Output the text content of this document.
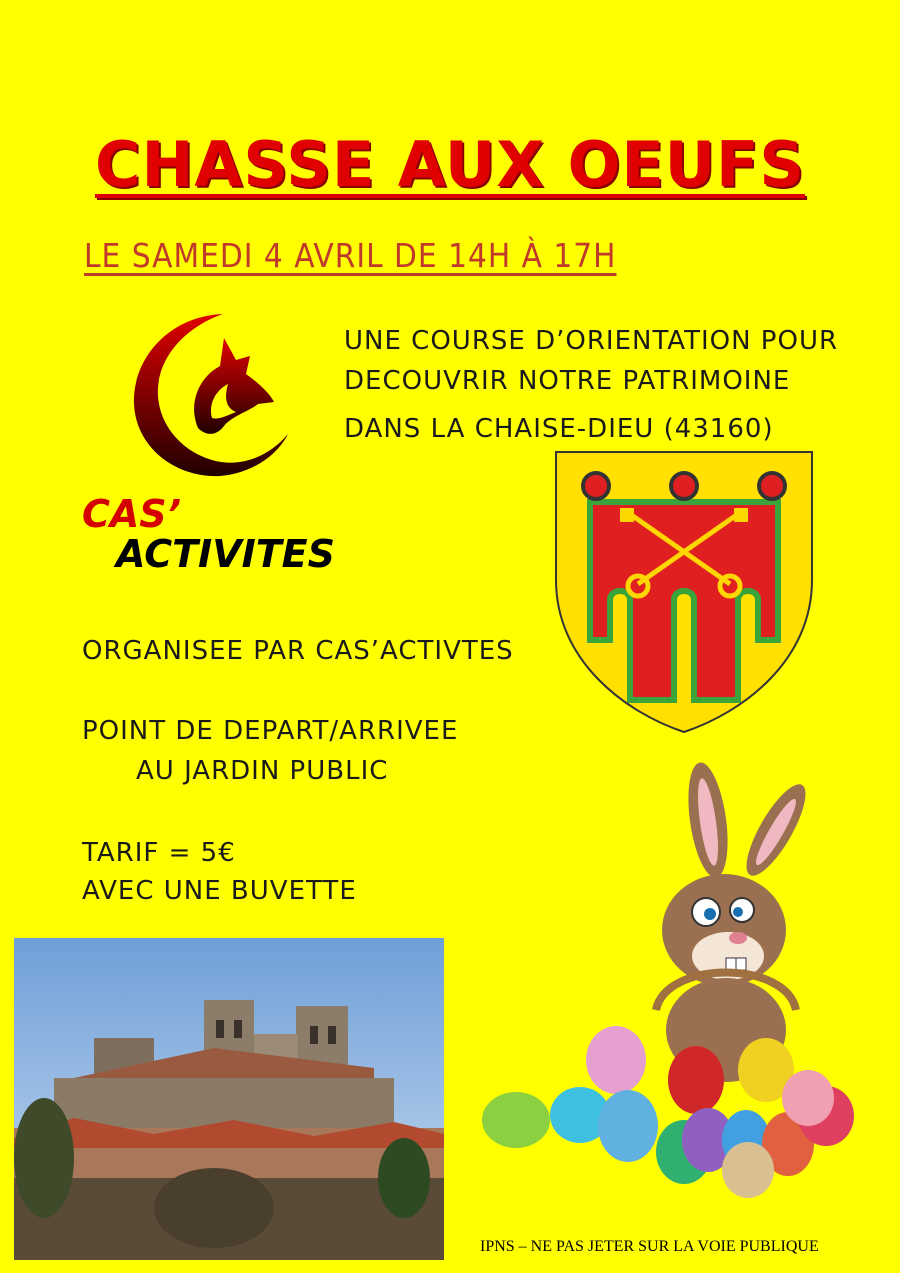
CHASSE AUX OEUFS
LE SAMEDI 4 AVRIL DE 14H À 17H
UNE COURSE D’ORIENTATION POUR
DECOUVRIR NOTRE PATRIMOINE
DANS LA CHAISE-DIEU (43160)
CAS’
ACTIVITES
ORGANISEE PAR CAS’ACTIVTES
POINT DE DEPART/ARRIVEE
AU JARDIN PUBLIC
TARIF = 5€
AVEC UNE BUVETTE
IPNS – NE PAS JETER SUR LA VOIE PUBLIQUE
